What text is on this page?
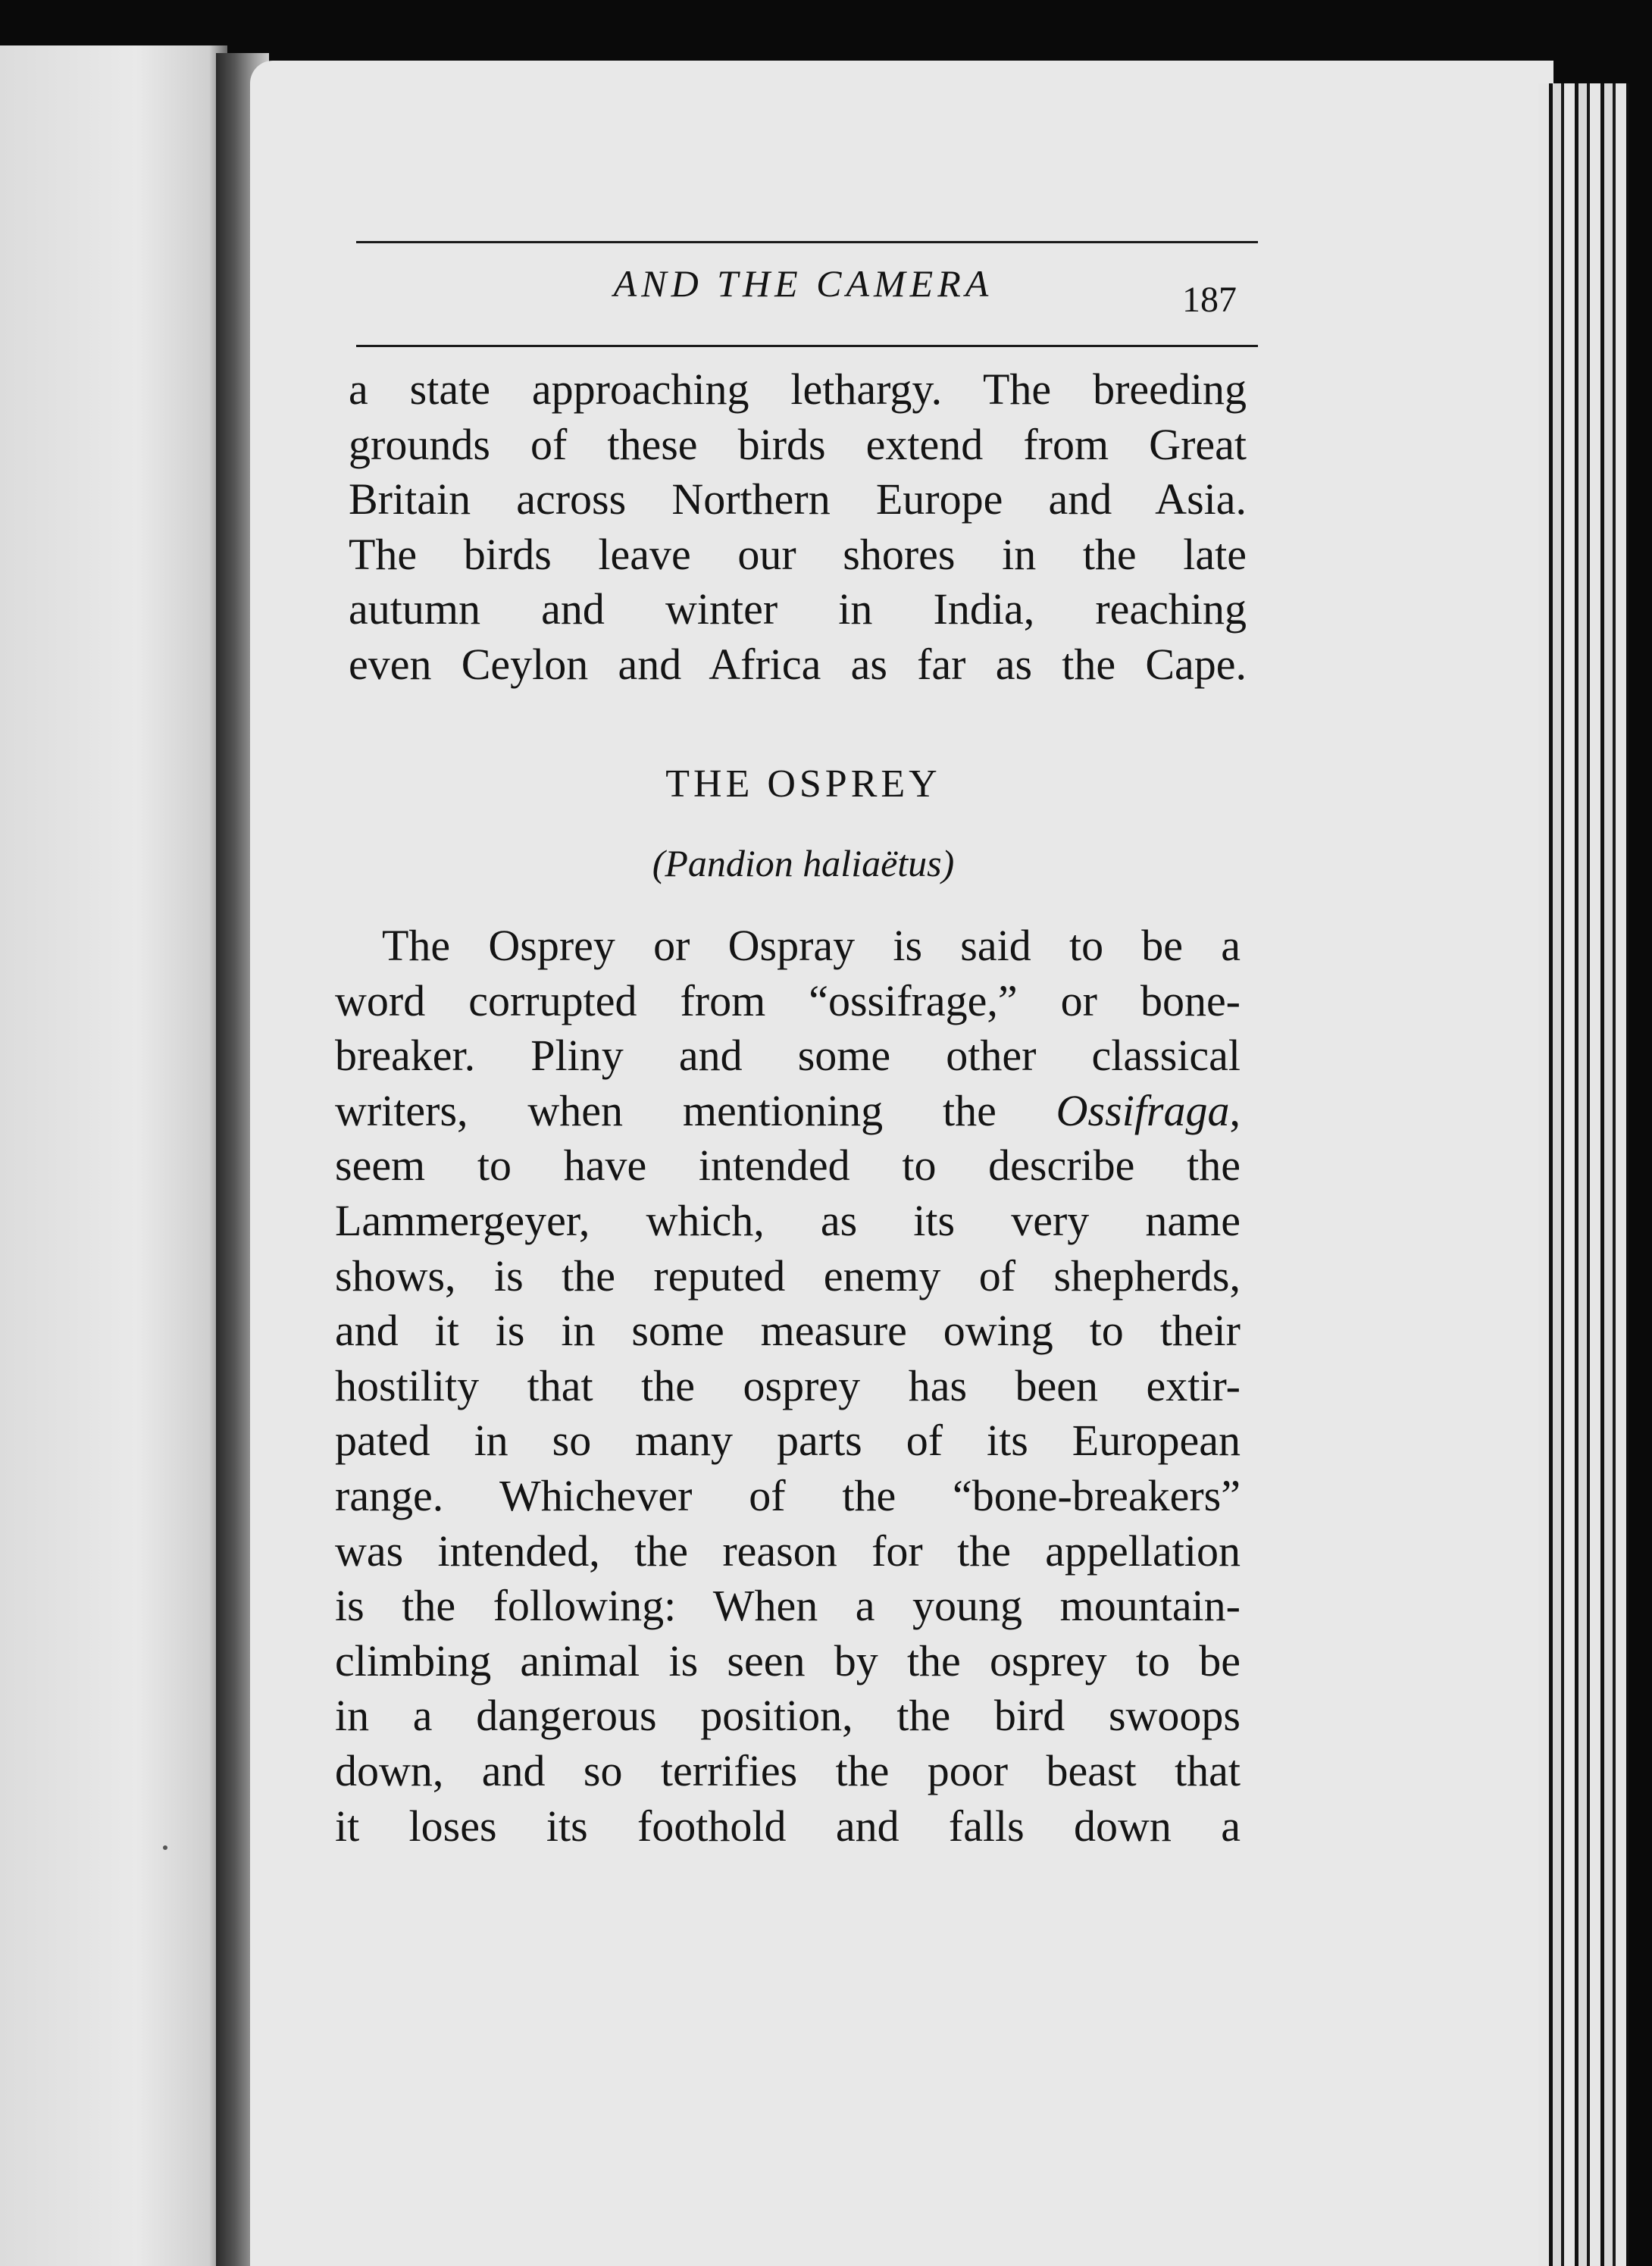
AND THE CAMERA	187
a state approaching lethargy. The breeding
grounds of these birds extend from Great
Britain across Northern Europe and Asia.
The birds leave our shores in the late
autumn and winter in India, reaching
even Ceylon and Africa as far as the Cape.
THE OSPREY
(Pandion haliaëtus)
The Osprey or Ospray is said to be a
word corrupted from “ossifrage,” or bone-
breaker. Pliny and some other classical
writers, when mentioning the Ossifraga,
seem to have intended to describe the
Lammergeyer, which, as its very name
shows, is the reputed enemy of shepherds,
and it is in some measure owing to their
hostility that the osprey has been extir-
pated in so many parts of its European
range. Whichever of the “bone-breakers”
was intended, the reason for the appellation
is the following: When a young mountain-
climbing animal is seen by the osprey to be
in a dangerous position, the bird swoops
down, and so terrifies the poor beast that
it loses its foothold and falls down a
